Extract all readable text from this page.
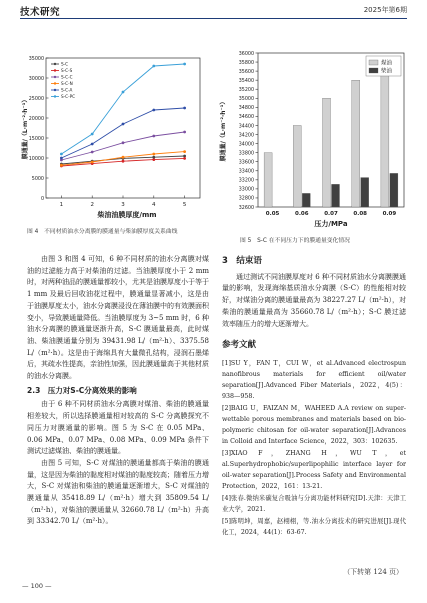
技术研究	2025年第6期
0
5000
10000
15000
20000
25000
30000
35000
1	2	3	4	5
柴油油膜厚度/mm
膜通量/（L·m⁻²·h⁻¹）
S-C
S-C-S
S-C-C
S-C-N
S-C-A
S-C-PC
图 4　不同材质油水分离膜的膜通量与柴油膜厚度关系曲线
32600
32800
33000
33200
33400
33600
33800
34000
34200
34400
34600
34800
35000
35200
35400
35600
35800
36000
0.05	0.06	0.07	0.08	0.09
压力/MPa
膜通量/（L·m⁻²·h⁻¹）
煤油
柴油
图 5　S-C 在不同压力下的膜通量变化情况

由图 3 和图 4 可知，6 种不同材质的油水分离膜对煤油的过滤能力高于对柴油的过滤。当油膜厚度小于 2 mm 时，对两种油品的膜通量都较小，尤其是油膜厚度小于等于 1 mm 及最后回收油花过程中，膜通量显著减小，这是由于油膜厚度太小，油水分离膜浸没在薄油膜中的有效膜面积变小，导致膜通量降低。当油膜厚度为 3~5 mm 时，6 种油水分离膜的膜通量逐渐升高，S-C 膜通量最高，此时煤油、柴油膜通量分别为 39431.98 L/（m²·h）、3375.58 L/（m²·h）。这是由于海绵具有大量微孔结构，浸润石墨烯后，其疏水性提高，亲油性加强，因此膜通量高于其他材质的油水分离膜。

2.3　压力对S-C分离效果的影响

由于 6 种不同材质油水分离膜对煤油、柴油的膜通量相差较大，所以选择膜通量相对较高的 S-C 分离膜探究不同压力对膜通量的影响。图 5 为 S-C 在 0.05 MPa、0.06 MPa、0.07 MPa、0.08 MPa、0.09 MPa 条件下测试过滤煤油、柴油的膜通量。

由图 5 可知，S-C 对煤油的膜通量都高于柴油的膜通量，这是因为柴油的黏度相对煤油的黏度较高；随着压力增大，S-C 对煤油和柴油的膜通量逐渐增大，S-C 对煤油的膜通量从 35418.89 L/（m²·h）增大到 35809.54 L/（m²·h），对柴油的膜通量从 32660.78 L/（m²·h）升高到 33342.70 L/（m²·h）。

3　结束语

通过测试不同油膜厚度对 6 种不同材质油水分离膜膜通量的影响，发现海绵基质油水分离膜（S-C）的性能相对较好，对煤油分离的膜通量最高为 38227.27 L/（m²·h），对柴油的膜通量最高为 35660.78 L/（m²·h）；S-C 膜过滤效率随压力的增大逐渐增大。

参考文献
[1]SU Y，FAN T，CUI W，et al.Advanced electrospun nanofibrous materials for efficient oil/water separation[J].Advanced Fiber Materials，2022，4(5)：938—958.
[2]BAIG U，FAIZAN M，WAHEED A.A review on super-wettable porous membranes and materials based on bio-polymeric chitosan for oil-water separation[J].Advances in Colloid and Interface Science，2022，303：102635.
[3]XIAO F，ZHANG H，WU T，et al.Superhydrophobic/superlipophilic interface layer for oil-water separation[J].Process Safety and Environmental Protection，2022，161：13-21.
[4]张春.微纳米碳复合吸油与分离功能材料研究[D].天津：天津工业大学，2021.
[5]陈明坤，周嘉，赵栩栩，等.油水分离技术的研究进展[J].现代化工，2024，44(1)：63-67.
（下转第 124 页）
— 100 —
